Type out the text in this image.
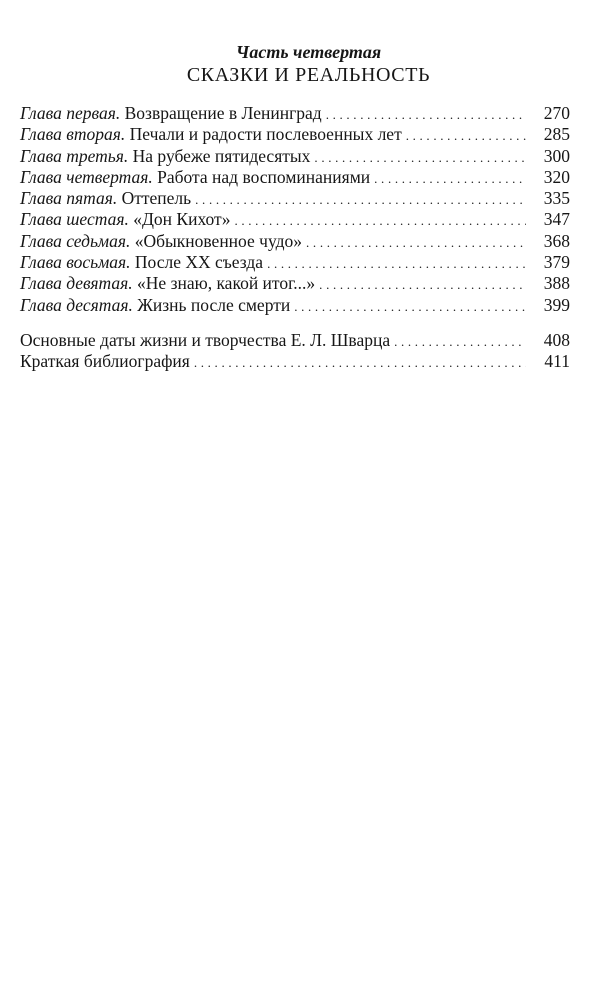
Часть четвертая
СКАЗКИ И РЕАЛЬНОСТЬ
Глава первая. Возвращение в Ленинград . . .	270
Глава вторая. Печали и радости послевоенных лет . . .	285
Глава третья. На рубеже пятидесятых . . .	300
Глава четвертая. Работа над воспоминаниями . . .	320
Глава пятая. Оттепель . . .	335
Глава шестая. «Дон Кихот» . . .	347
Глава седьмая. «Обыкновенное чудо» . . .	368
Глава восьмая. После XX съезда . . .	379
Глава девятая. «Не знаю, какой итог...» . . .	388
Глава десятая. Жизнь после смерти . . .	399
Основные даты жизни и творчества Е. Л. Шварца . . .	408
Краткая библиография . . .	411
